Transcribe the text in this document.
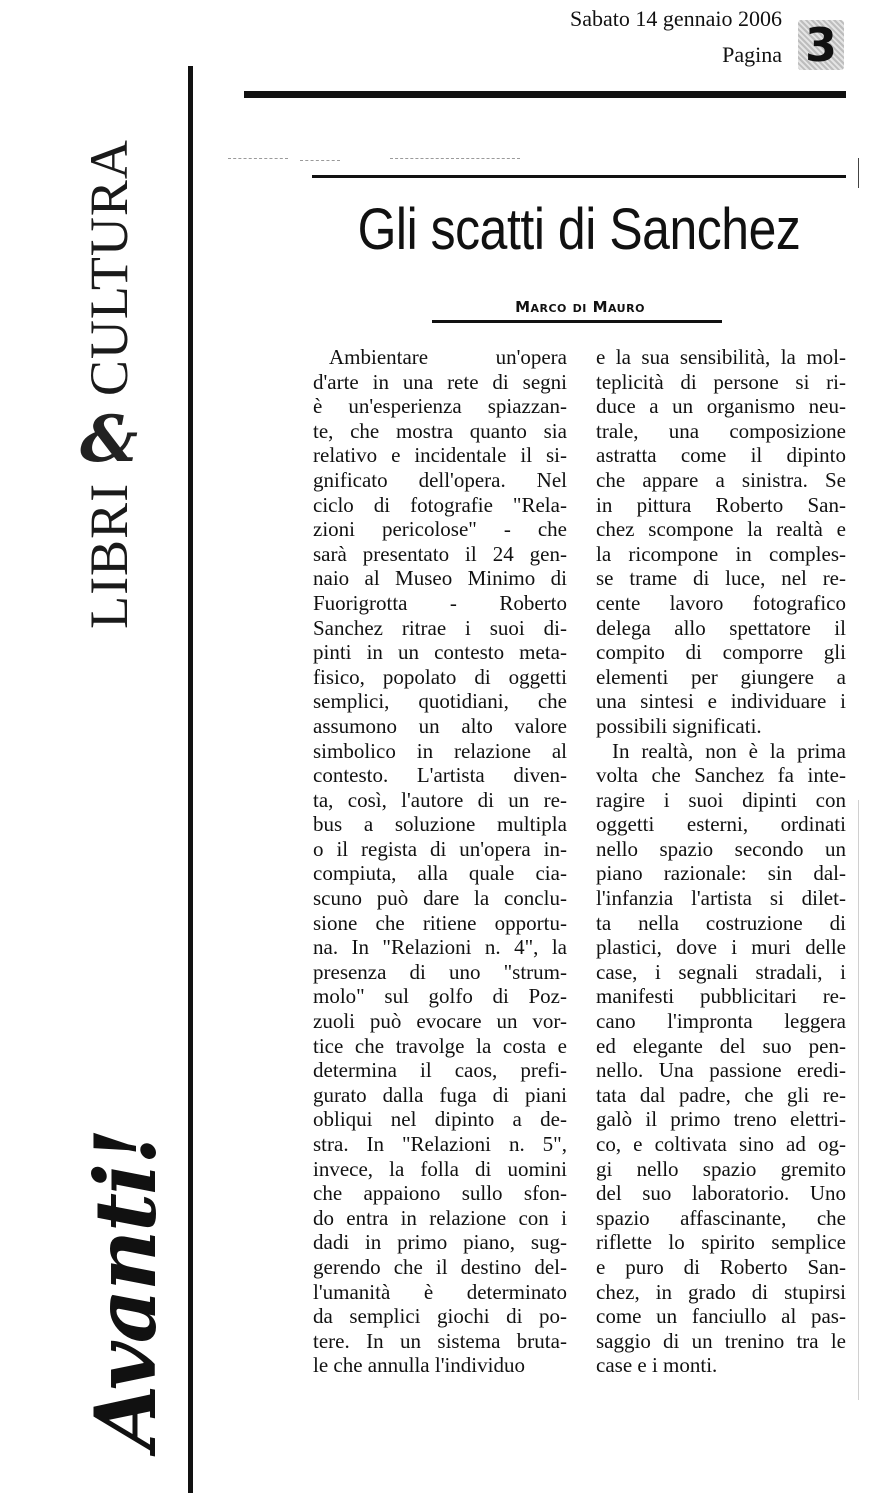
Sabato 14 gennaio 2006
Pagina 3
LIBRI
&
CULTURA
Avanti!
Gli scatti di Sanchez
Marco di Mauro
Ambientare	un'opera
d'arte in una rete di segni
è un'esperienza spiazzan-
te, che mostra quanto sia
relativo e incidentale il si-
gnificato dell'opera. Nel
ciclo di fotografie "Rela-
zioni pericolose" - che
sarà presentato il 24 gen-
naio al Museo Minimo di
Fuorigrotta - Roberto
Sanchez ritrae i suoi di-
pinti in un contesto meta-
fisico, popolato di oggetti
semplici, quotidiani, che
assumono un alto valore
simbolico in relazione al
contesto. L'artista diven-
ta, così, l'autore di un re-
bus a soluzione multipla
o il regista di un'opera in-
compiuta, alla quale cia-
scuno può dare la conclu-
sione che ritiene opportu-
na. In "Relazioni n. 4", la
presenza di uno "strum-
molo" sul golfo di Poz-
zuoli può evocare un vor-
tice che travolge la costa e
determina il caos, prefi-
gurato dalla fuga di piani
obliqui nel dipinto a de-
stra. In "Relazioni n. 5",
invece, la folla di uomini
che appaiono sullo sfon-
do entra in relazione con i
dadi in primo piano, sug-
gerendo che il destino del-
l'umanità è determinato
da semplici giochi di po-
tere. In un sistema bruta-
le che annulla l'individuo
e la sua sensibilità, la mol-
teplicità di persone si ri-
duce a un organismo neu-
trale, una composizione
astratta come il dipinto
che appare a sinistra. Se
in pittura Roberto San-
chez scompone la realtà e
la ricompone in comples-
se trame di luce, nel re-
cente lavoro fotografico
delega allo spettatore il
compito di comporre gli
elementi per giungere a
una sintesi e individuare i
possibili significati.
In realtà, non è la prima
volta che Sanchez fa inte-
ragire i suoi dipinti con
oggetti esterni, ordinati
nello spazio secondo un
piano razionale: sin dal-
l'infanzia l'artista si dilet-
ta nella costruzione di
plastici, dove i muri delle
case, i segnali stradali, i
manifesti pubblicitari re-
cano l'impronta leggera
ed elegante del suo pen-
nello. Una passione eredi-
tata dal padre, che gli re-
galò il primo treno elettri-
co, e coltivata sino ad og-
gi nello spazio gremito
del suo laboratorio. Uno
spazio affascinante, che
riflette lo spirito semplice
e puro di Roberto San-
chez, in grado di stupirsi
come un fanciullo al pas-
saggio di un trenino tra le
case e i monti.
